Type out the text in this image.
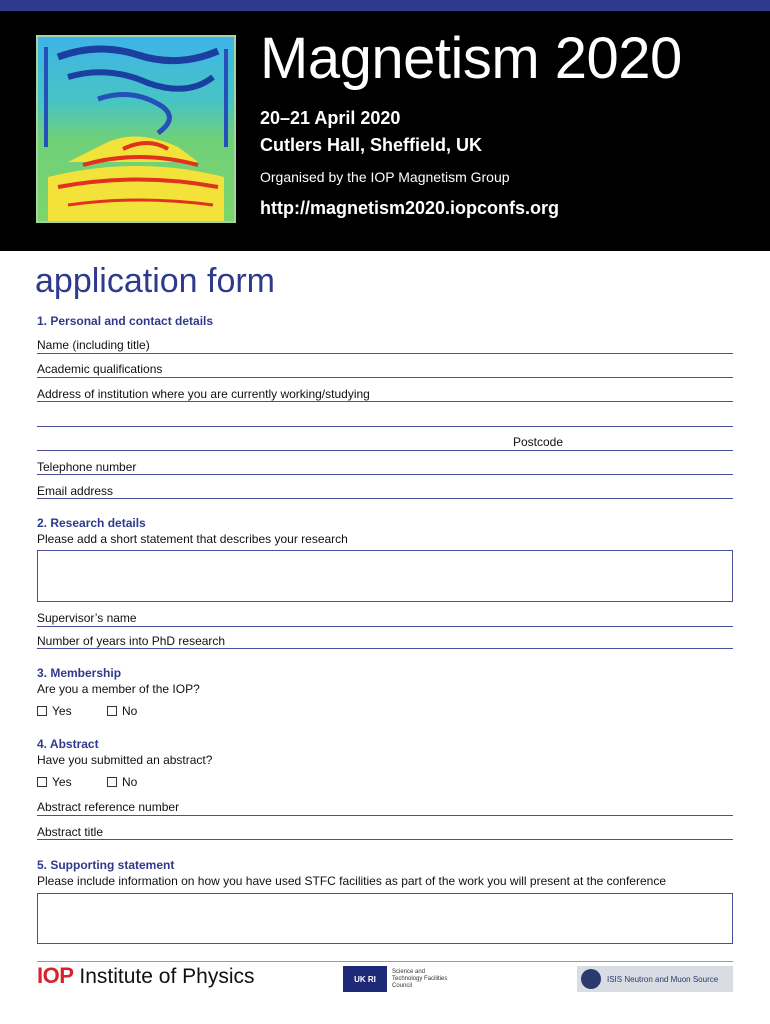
Magnetism 2020
20–21 April 2020
Cutlers Hall, Sheffield, UK
Organised by the IOP Magnetism Group
http://magnetism2020.iopconfs.org
application form
1. Personal and contact details
Name (including title)
Academic qualifications
Address of institution where you are currently working/studying
Postcode
Telephone number
Email address
2. Research details
Please add a short statement that describes your research
Supervisor’s name
Number of years into PhD research
3. Membership
Are you a member of the IOP?
Yes	No
4. Abstract
Have you submitted an abstract?
Yes	No
Abstract reference number
Abstract title
5. Supporting statement
Please include information on how you have used STFC facilities as part of the work you will present at the conference
IOP Institute of Physics	UK RI
Science and Technology Facilities Council
ISIS Neutron and Muon Source
